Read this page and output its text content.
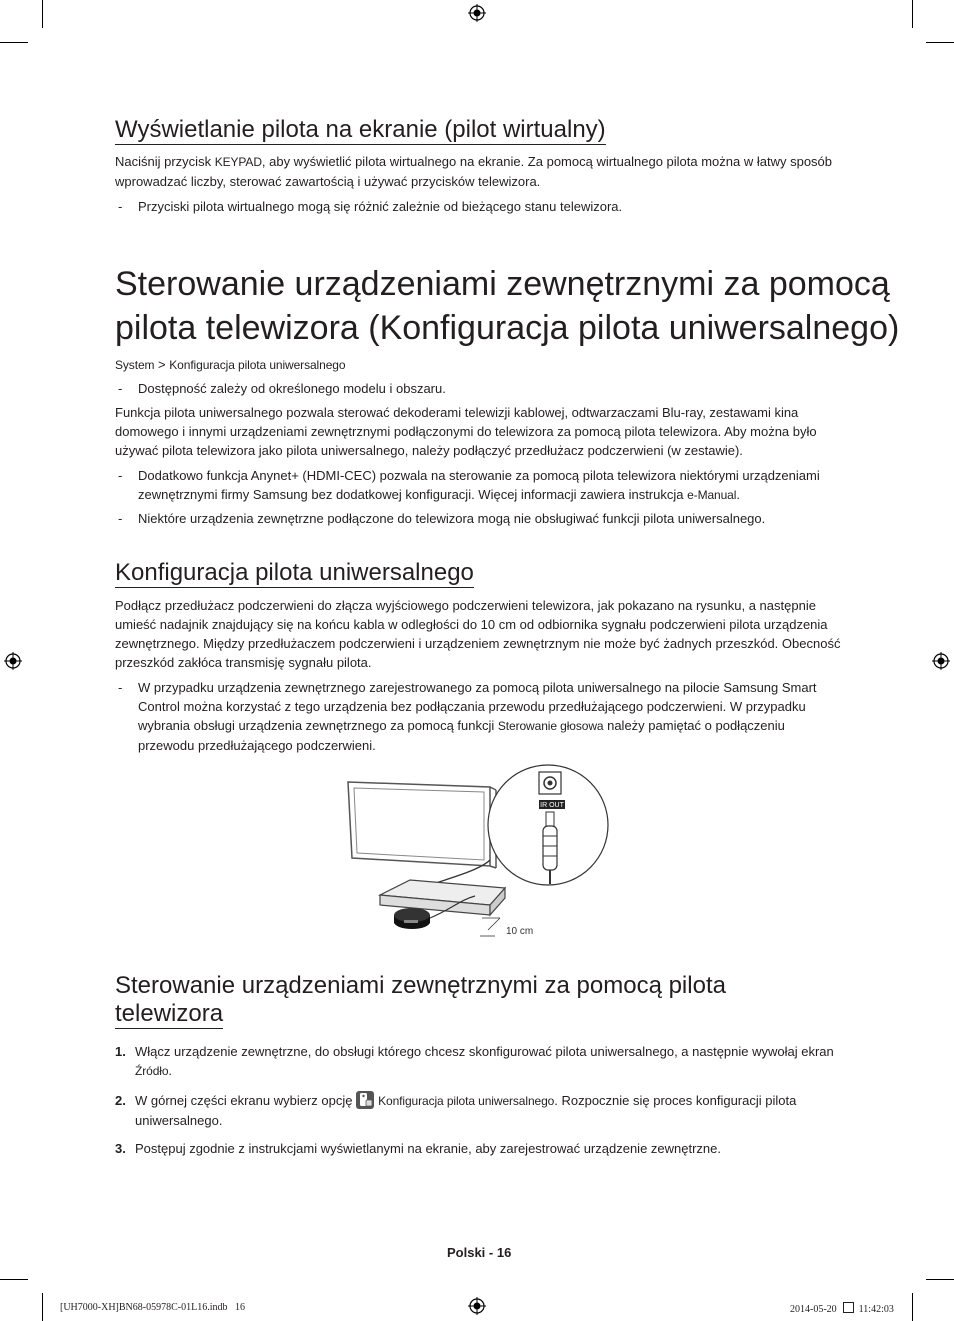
Wyświetlanie pilota na ekranie (pilot wirtualny)

Naciśnij przycisk KEYPAD, aby wyświetlić pilota wirtualnego na ekranie. Za pomocą wirtualnego pilota można w łatwy sposób
wprowadzać liczby, sterować zawartością i używać przycisków telewizora.

- Przyciski pilota wirtualnego mogą się różnić zależnie od bieżącego stanu telewizora.
Sterowanie urządzeniami zewnętrznymi za pomocą
pilota telewizora (Konfiguracja pilota uniwersalnego)

System > Konfiguracja pilota uniwersalnego

- Dostępność zależy od określonego modelu i obszaru.

Funkcja pilota uniwersalnego pozwala sterować dekoderami telewizji kablowej, odtwarzaczami Blu-ray, zestawami kina
domowego i innymi urządzeniami zewnętrznymi podłączonymi do telewizora za pomocą pilota telewizora. Aby można było
używać pilota telewizora jako pilota uniwersalnego, należy podłączyć przedłużacz podczerwieni (w zestawie).

- Dodatkowo funkcja Anynet+ (HDMI-CEC) pozwala na sterowanie za pomocą pilota telewizora niektórymi urządzeniami
zewnętrznymi firmy Samsung bez dodatkowej konfiguracji. Więcej informacji zawiera instrukcja e-Manual.
- Niektóre urządzenia zewnętrzne podłączone do telewizora mogą nie obsługiwać funkcji pilota uniwersalnego.
Konfiguracja pilota uniwersalnego

Podłącz przedłużacz podczerwieni do złącza wyjściowego podczerwieni telewizora, jak pokazano na rysunku, a następnie
umieść nadajnik znajdujący się na końcu kabla w odległości do 10 cm od odbiornika sygnału podczerwieni pilota urządzenia
zewnętrznego. Między przedłużaczem podczerwieni i urządzeniem zewnętrznym nie może być żadnych przeszkód. Obecność
przeszkód zakłóca transmisję sygnału pilota.

- W przypadku urządzenia zewnętrznego zarejestrowanego za pomocą pilota uniwersalnego na pilocie Samsung Smart
Control można korzystać z tego urządzenia bez podłączania przewodu przedłużającego podczerwieni. W przypadku
wybrania obsługi urządzenia zewnętrznego za pomocą funkcji Sterowanie głosowa należy pamiętać o podłączeniu
przewodu przedłużającego podczerwieni.
10 cm
IR OUT
Sterowanie urządzeniami zewnętrznymi za pomocą pilota
telewizora
1. Włącz urządzenie zewnętrzne, do obsługi którego chcesz skonfigurować pilota uniwersalnego, a następnie wywołaj ekran
Źródło.
2. W górnej części ekranu wybierz opcję
Konfiguracja pilota uniwersalnego. Rozpocznie się proces konfiguracji pilota
uniwersalnego.
3. Postępuj zgodnie z instrukcjami wyświetlanymi na ekranie, aby zarejestrować urządzenie zewnętrzne.
Polski - 16
[UH7000-XH]BN68-05978C-01L16.indb   16	2014-05-20 11:42:03
